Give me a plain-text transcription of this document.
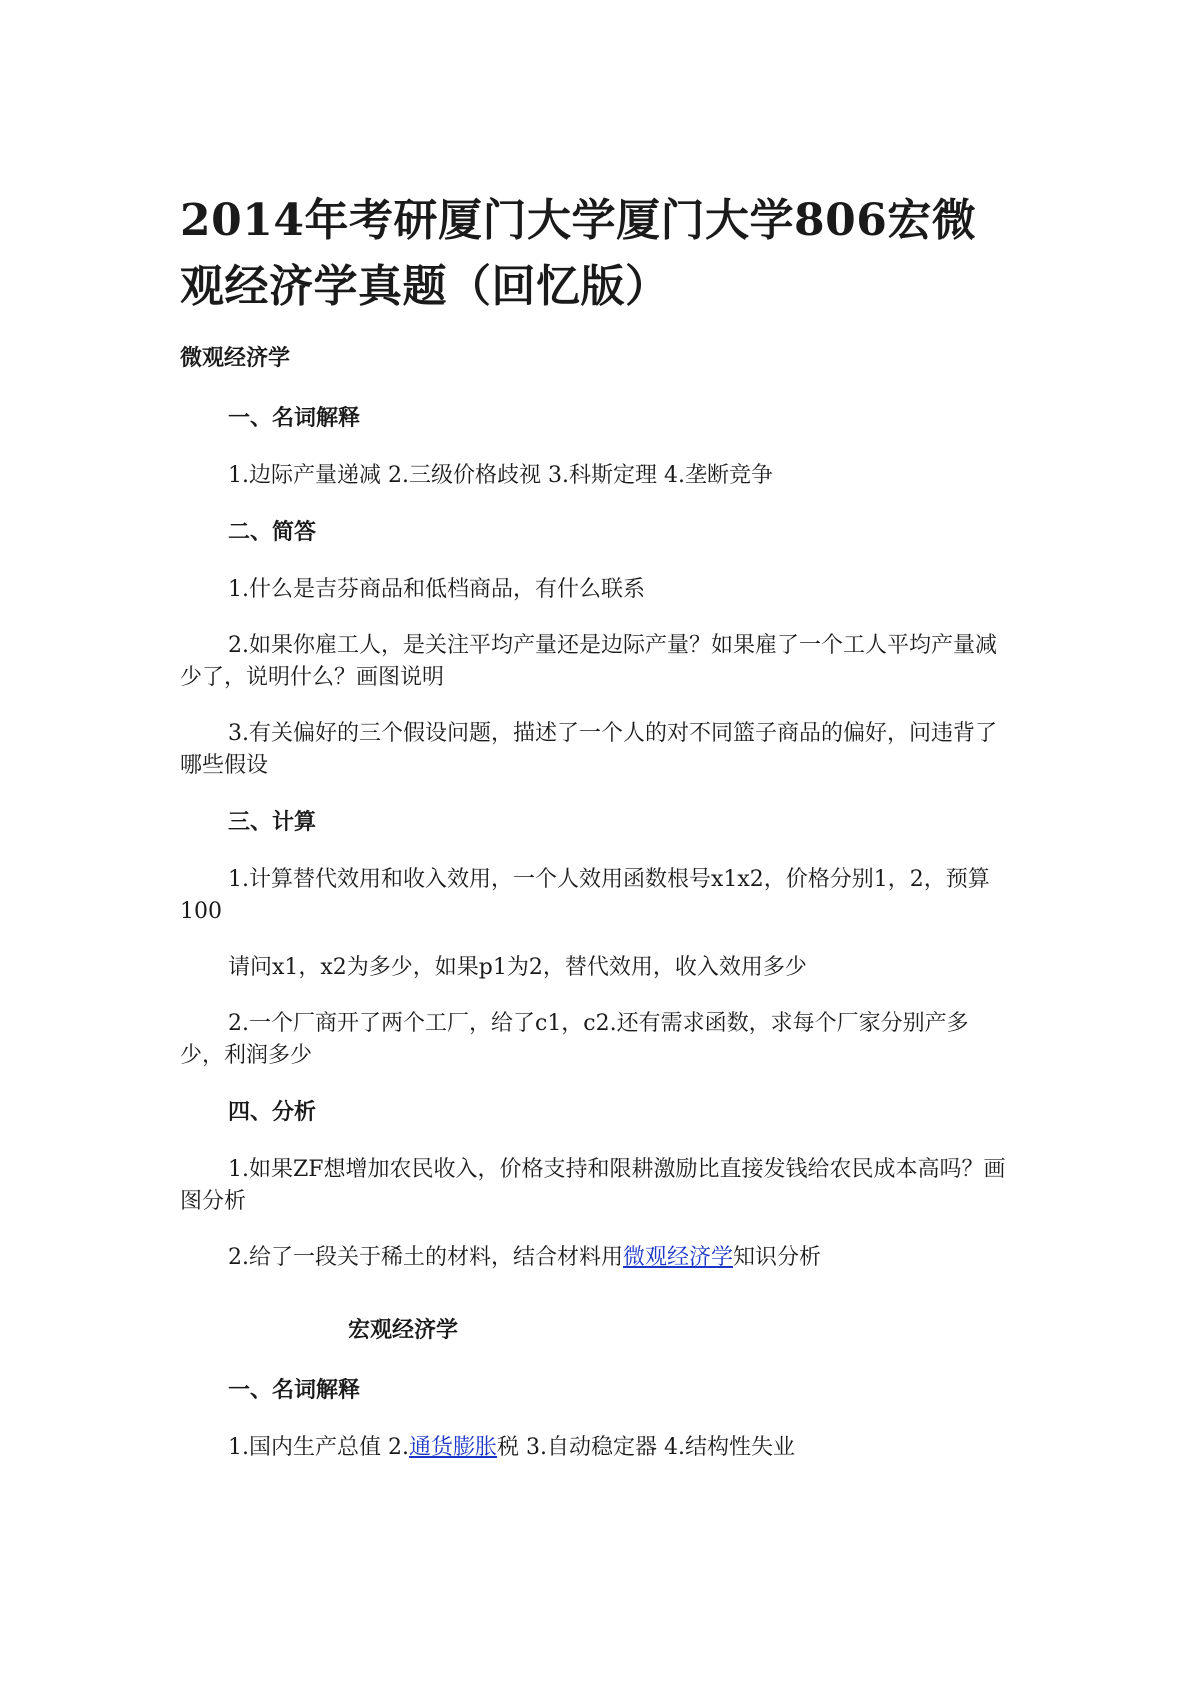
2014年考研厦门大学厦门大学806宏微观经济学真题（回忆版）
微观经济学
一、名词解释

1.边际产量递减 2.三级价格歧视 3.科斯定理 4.垄断竞争

二、简答

1.什么是吉芬商品和低档商品，有什么联系

2.如果你雇工人，是关注平均产量还是边际产量？如果雇了一个工人平均产量减少了，说明什么？画图说明

3.有关偏好的三个假设问题，描述了一个人的对不同篮子商品的偏好，问违背了哪些假设

三、计算

1.计算替代效用和收入效用，一个人效用函数根号x1x2，价格分别1，2，预算100

请问x1，x2为多少，如果p1为2，替代效用，收入效用多少

2.一个厂商开了两个工厂，给了c1，c2.还有需求函数，求每个厂家分别产多少，利润多少

四、分析

1.如果ZF想增加农民收入，价格支持和限耕激励比直接发钱给农民成本高吗？画图分析

2.给了一段关于稀土的材料，结合材料用微观经济学知识分析

宏观经济学
一、名词解释

1.国内生产总值 2.通货膨胀税 3.自动稳定器 4.结构性失业
